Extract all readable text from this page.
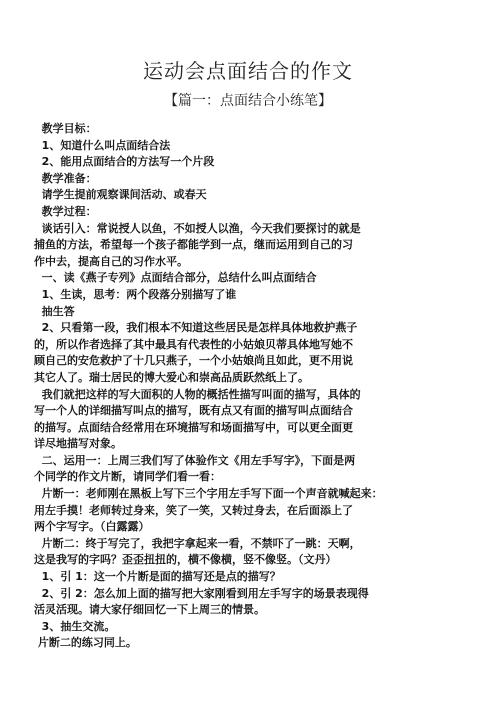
运动会点面结合的作文
【篇一：点面结合小练笔】
教学目标：
1、知道什么叫点面结合法
2、能用点面结合的方法写一个片段
教学准备：
请学生提前观察课间活动、或春天
教学过程：
谈话引入：常说授人以鱼，不如授人以渔，今天我们要探讨的就是
捕鱼的方法，希望每一个孩子都能学到一点，继而运用到自己的习
作中去，提高自己的习作水平。
一、读《燕子专列》点面结合部分，总结什么叫点面结合
1、生读，思考：两个段落分别描写了谁
抽生答
2、只看第一段，我们根本不知道这些居民是怎样具体地救护燕子
的，所以作者选择了其中最具有代表性的小姑娘贝蒂具体地写她不
顾自己的安危救护了十几只燕子，一个小姑娘尚且如此，更不用说
其它人了。瑞士居民的博大爱心和崇高品质跃然纸上了。
我们就把这样的写大面积的人物的概括性描写叫面的描写，具体的
写一个人的详细描写叫点的描写，既有点又有面的描写叫点面结合
的描写。点面结合经常用在环境描写和场面描写中，可以更全面更
详尽地描写对象。
二、运用一：上周三我们写了体验作文《用左手写字》，下面是两
个同学的作文片断，请同学们看一看：
片断一：老师刚在黑板上写下三个字用左手写下面一个声音就喊起来：
用左手摸！老师转过身来，笑了一笑，又转过身去，在后面添上了
两个字写字。（白露露）
片断二：终于写完了，我把字拿起来一看，不禁吓了一跳：天啊，
这是我写的字吗？歪歪扭扭的，横不像横，竖不像竖。（文丹）
1、引 1：这一个片断是面的描写还是点的描写？
2、引 2：怎么加上面的描写把大家刚看到用左手写字的场景表现得
活灵活现。请大家仔细回忆一下上周三的情景。
3、抽生交流。
片断二的练习同上。
